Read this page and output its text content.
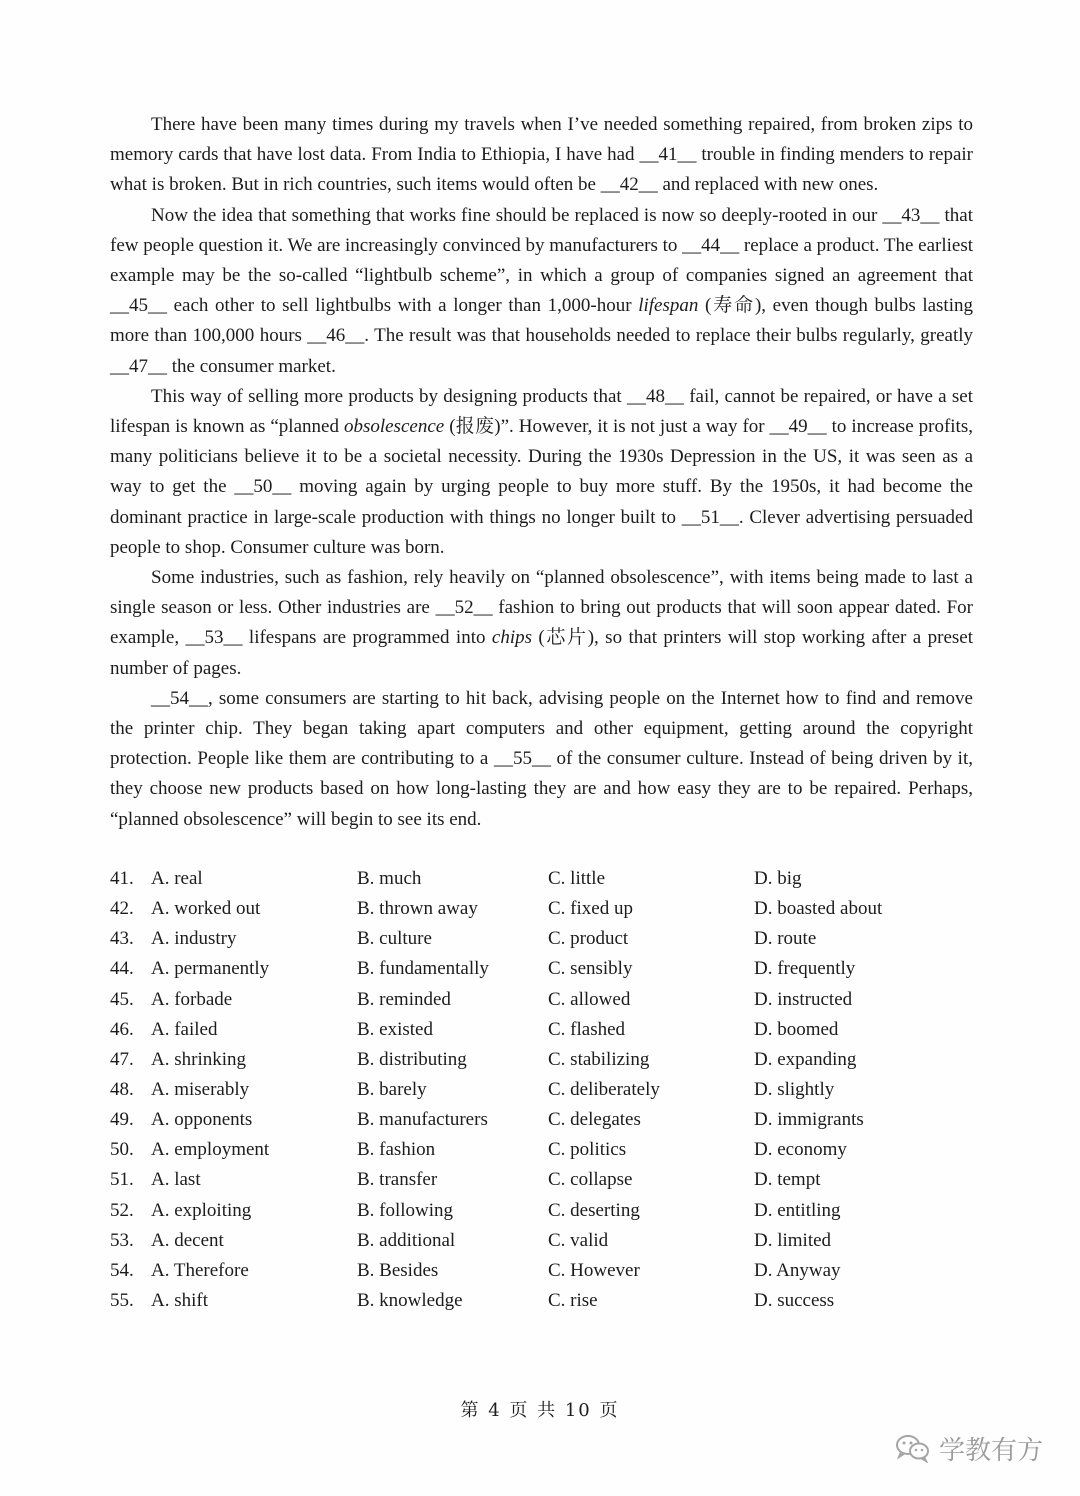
There have been many times during my travels when I’ve needed something repaired, from broken zips to memory cards that have lost data. From India to Ethiopia, I have had __41__ trouble in finding menders to repair what is broken. But in rich countries, such items would often be __42__ and replaced with new ones.

Now the idea that something that works fine should be replaced is now so deeply-rooted in our __43__ that few people question it. We are increasingly convinced by manufacturers to __44__ replace a product. The earliest example may be the so-called “lightbulb scheme”, in which a group of companies signed an agreement that __45__ each other to sell lightbulbs with a longer than 1,000-hour lifespan (寿命), even though bulbs lasting more than 100,000 hours __46__. The result was that households needed to replace their bulbs regularly, greatly __47__ the consumer market.

This way of selling more products by designing products that __48__ fail, cannot be repaired, or have a set lifespan is known as “planned obsolescence (报废)”. However, it is not just a way for __49__ to increase profits, many politicians believe it to be a societal necessity. During the 1930s Depression in the US, it was seen as a way to get the __50__ moving again by urging people to buy more stuff. By the 1950s, it had become the dominant practice in large-scale production with things no longer built to __51__. Clever advertising persuaded people to shop. Consumer culture was born.

Some industries, such as fashion, rely heavily on “planned obsolescence”, with items being made to last a single season or less. Other industries are __52__ fashion to bring out products that will soon appear dated. For example, __53__ lifespans are programmed into chips (芯片), so that printers will stop working after a preset number of pages.

__54__, some consumers are starting to hit back, advising people on the Internet how to find and remove the printer chip. They began taking apart computers and other equipment, getting around the copyright protection. People like them are contributing to a __55__ of the consumer culture. Instead of being driven by it, they choose new products based on how long-lasting they are and how easy they are to be repaired. Perhaps, “planned obsolescence” will begin to see its end.

41. A. real	B. much	C. little	D. big
42. A. worked out	B. thrown away	C. fixed up	D. boasted about
43. A. industry	B. culture	C. product	D. route
44. A. permanently	B. fundamentally	C. sensibly	D. frequently
45. A. forbade	B. reminded	C. allowed	D. instructed
46. A. failed	B. existed	C. flashed	D. boomed
47. A. shrinking	B. distributing	C. stabilizing	D. expanding
48. A. miserably	B. barely	C. deliberately	D. slightly
49. A. opponents	B. manufacturers	C. delegates	D. immigrants
50. A. employment	B. fashion	C. politics	D. economy
51. A. last	B. transfer	C. collapse	D. tempt
52. A. exploiting	B. following	C. deserting	D. entitling
53. A. decent	B. additional	C. valid	D. limited
54. A. Therefore	B. Besides	C. However	D. Anyway
55. A. shift	B. knowledge	C. rise	D. success
第 4 页 共 10 页
学教有方
